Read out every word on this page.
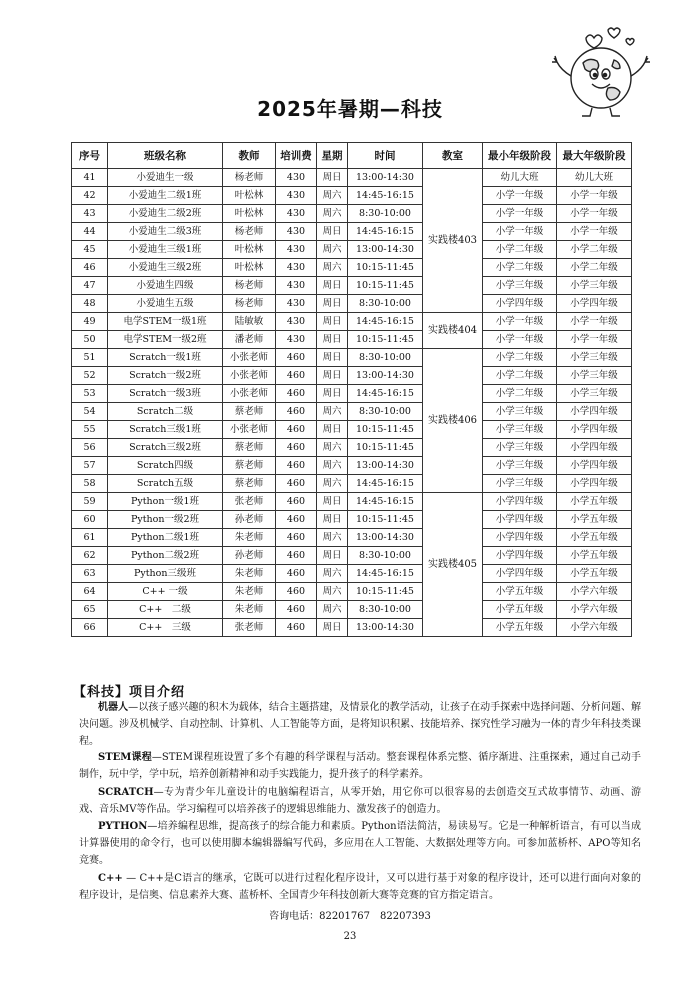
2025年暑期—科技
序号	班级名称	教师	培训费	星期	时间	教室	最小年级阶段	最大年级阶段
41	小爱迪生一级	杨老师	430	周日	13:00-14:30	实践楼403	幼儿大班	幼儿大班
42	小爱迪生二级1班	叶松林	430	周六	14:45-16:15		小学一年级	小学一年级
43	小爱迪生二级2班	叶松林	430	周六	8:30-10:00		小学一年级	小学一年级
44	小爱迪生二级3班	杨老师	430	周日	14:45-16:15		小学一年级	小学一年级
45	小爱迪生三级1班	叶松林	430	周六	13:00-14:30		小学二年级	小学二年级
46	小爱迪生三级2班	叶松林	430	周六	10:15-11:45		小学二年级	小学二年级
47	小爱迪生四级	杨老师	430	周日	10:15-11:45		小学三年级	小学三年级
48	小爱迪生五级	杨老师	430	周日	8:30-10:00		小学四年级	小学四年级
49	电学STEM一级1班	陆敏敏	430	周日	14:45-16:15	实践楼404	小学一年级	小学一年级
50	电学STEM一级2班	潘老师	430	周日	10:15-11:45		小学一年级	小学一年级
51	Scratch一级1班	小张老师	460	周日	8:30-10:00	实践楼406	小学二年级	小学三年级
52	Scratch一级2班	小张老师	460	周日	13:00-14:30		小学二年级	小学三年级
53	Scratch一级3班	小张老师	460	周日	14:45-16:15		小学二年级	小学三年级
54	Scratch二级	蔡老师	460	周六	8:30-10:00		小学三年级	小学四年级
55	Scratch三级1班	小张老师	460	周日	10:15-11:45		小学三年级	小学四年级
56	Scratch三级2班	蔡老师	460	周六	10:15-11:45		小学三年级	小学四年级
57	Scratch四级	蔡老师	460	周六	13:00-14:30		小学三年级	小学四年级
58	Scratch五级	蔡老师	460	周六	14:45-16:15		小学三年级	小学四年级
59	Python一级1班	张老师	460	周日	14:45-16:15	实践楼405	小学四年级	小学五年级
60	Python一级2班	孙老师	460	周日	10:15-11:45		小学四年级	小学五年级
61	Python二级1班	朱老师	460	周六	13:00-14:30		小学四年级	小学五年级
62	Python二级2班	孙老师	460	周日	8:30-10:00		小学四年级	小学五年级
63	Python三级班	朱老师	460	周六	14:45-16:15		小学四年级	小学五年级
64	C++ 一级	朱老师	460	周六	10:15-11:45		小学五年级	小学六年级
65	C++　二级	朱老师	460	周六	8:30-10:00		小学五年级	小学六年级
66	C++　三级	张老师	460	周日	13:00-14:30		小学五年级	小学六年级
【科技】项目介绍
机器人—以孩子感兴趣的积木为载体，结合主题搭建，及情景化的教学活动，让孩子在动手探索中选择问题、分析问题、解决问题。涉及机械学、自动控制、计算机、人工智能等方面，是将知识积累、技能培养、探究性学习融为一体的青少年科技类课程。
STEM课程—STEM课程班设置了多个有趣的科学课程与活动。整套课程体系完整、循序渐进、注重探索，通过自己动手制作，玩中学，学中玩，培养创新精神和动手实践能力，提升孩子的科学素养。
SCRATCH—专为青少年儿童设计的电脑编程语言，从零开始，用它你可以很容易的去创造交互式故事情节、动画、游戏、音乐MV等作品。学习编程可以培养孩子的逻辑思维能力、激发孩子的创造力。
PYTHON—培养编程思维，提高孩子的综合能力和素质。Python语法简洁，易读易写。它是一种解析语言，有可以当成计算器使用的命令行，也可以使用脚本编辑器编写代码，多应用在人工智能、大数据处理等方向。可参加蓝桥杯、APO等知名竞赛。
C++ — C++是C语言的继承，它既可以进行过程化程序设计，又可以进行基于对象的程序设计，还可以进行面向对象的程序设计，是信奥、信息素养大赛、蓝桥杯、全国青少年科技创新大赛等竞赛的官方指定语言。
咨询电话：82201767　82207393
23
